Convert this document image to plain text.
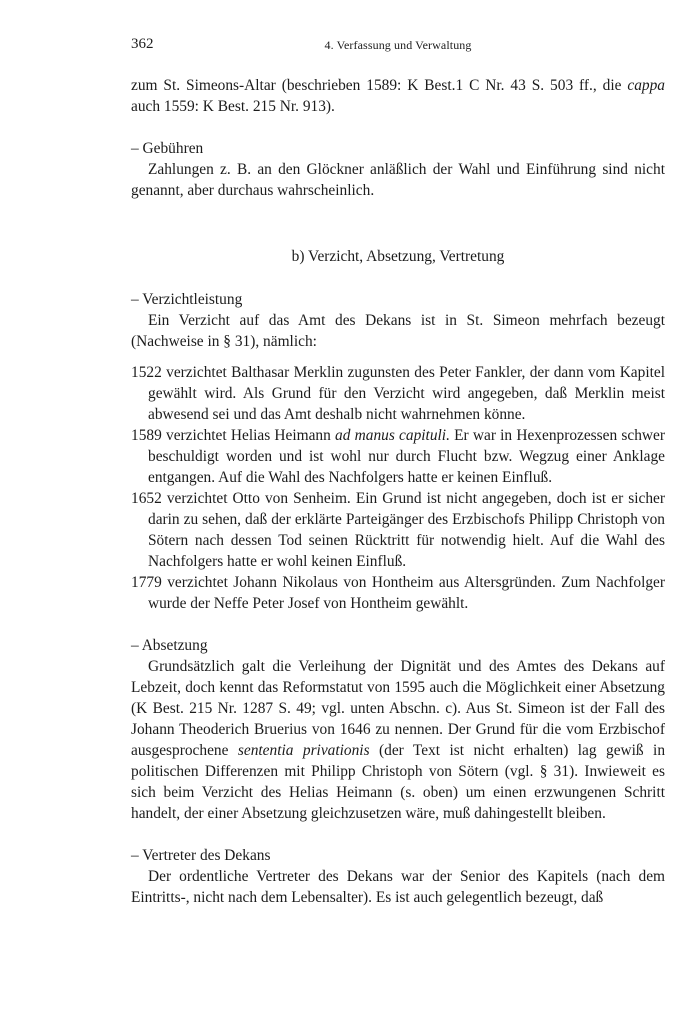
362	4. Verfassung und Verwaltung

zum St. Simeons-Altar (beschrieben 1589: K Best.1 C Nr. 43 S. 503 ff., die cappa auch 1559: K Best. 215 Nr. 913).

– Gebühren

Zahlungen z. B. an den Glöckner anläßlich der Wahl und Einführung sind nicht genannt, aber durchaus wahrscheinlich.

b) Verzicht, Absetzung, Vertretung
– Verzichtleistung

Ein Verzicht auf das Amt des Dekans ist in St. Simeon mehrfach bezeugt (Nachweise in § 31), nämlich:

1522 verzichtet Balthasar Merklin zugunsten des Peter Fankler, der dann vom Kapitel gewählt wird. Als Grund für den Verzicht wird angegeben, daß Merklin meist abwesend sei und das Amt deshalb nicht wahrnehmen könne.

1589 verzichtet Helias Heimann ad manus capituli. Er war in Hexenprozessen schwer beschuldigt worden und ist wohl nur durch Flucht bzw. Wegzug einer Anklage entgangen. Auf die Wahl des Nachfolgers hatte er keinen Einfluß.

1652 verzichtet Otto von Senheim. Ein Grund ist nicht angegeben, doch ist er sicher darin zu sehen, daß der erklärte Parteigänger des Erzbischofs Philipp Christoph von Sötern nach dessen Tod seinen Rücktritt für notwendig hielt. Auf die Wahl des Nachfolgers hatte er wohl keinen Einfluß.

1779 verzichtet Johann Nikolaus von Hontheim aus Altersgründen. Zum Nachfolger wurde der Neffe Peter Josef von Hontheim gewählt.

– Absetzung

Grundsätzlich galt die Verleihung der Dignität und des Amtes des Dekans auf Lebzeit, doch kennt das Reformstatut von 1595 auch die Möglichkeit einer Absetzung (K Best. 215 Nr. 1287 S. 49; vgl. unten Abschn. c). Aus St. Simeon ist der Fall des Johann Theoderich Bruerius von 1646 zu nennen. Der Grund für die vom Erzbischof ausgesprochene sententia privationis (der Text ist nicht erhalten) lag gewiß in politischen Differenzen mit Philipp Christoph von Sötern (vgl. § 31). Inwieweit es sich beim Verzicht des Helias Heimann (s. oben) um einen erzwungenen Schritt handelt, der einer Absetzung gleichzusetzen wäre, muß dahingestellt bleiben.

– Vertreter des Dekans

Der ordentliche Vertreter des Dekans war der Senior des Kapitels (nach dem Eintritts-, nicht nach dem Lebensalter). Es ist auch gelegentlich bezeugt, daß
